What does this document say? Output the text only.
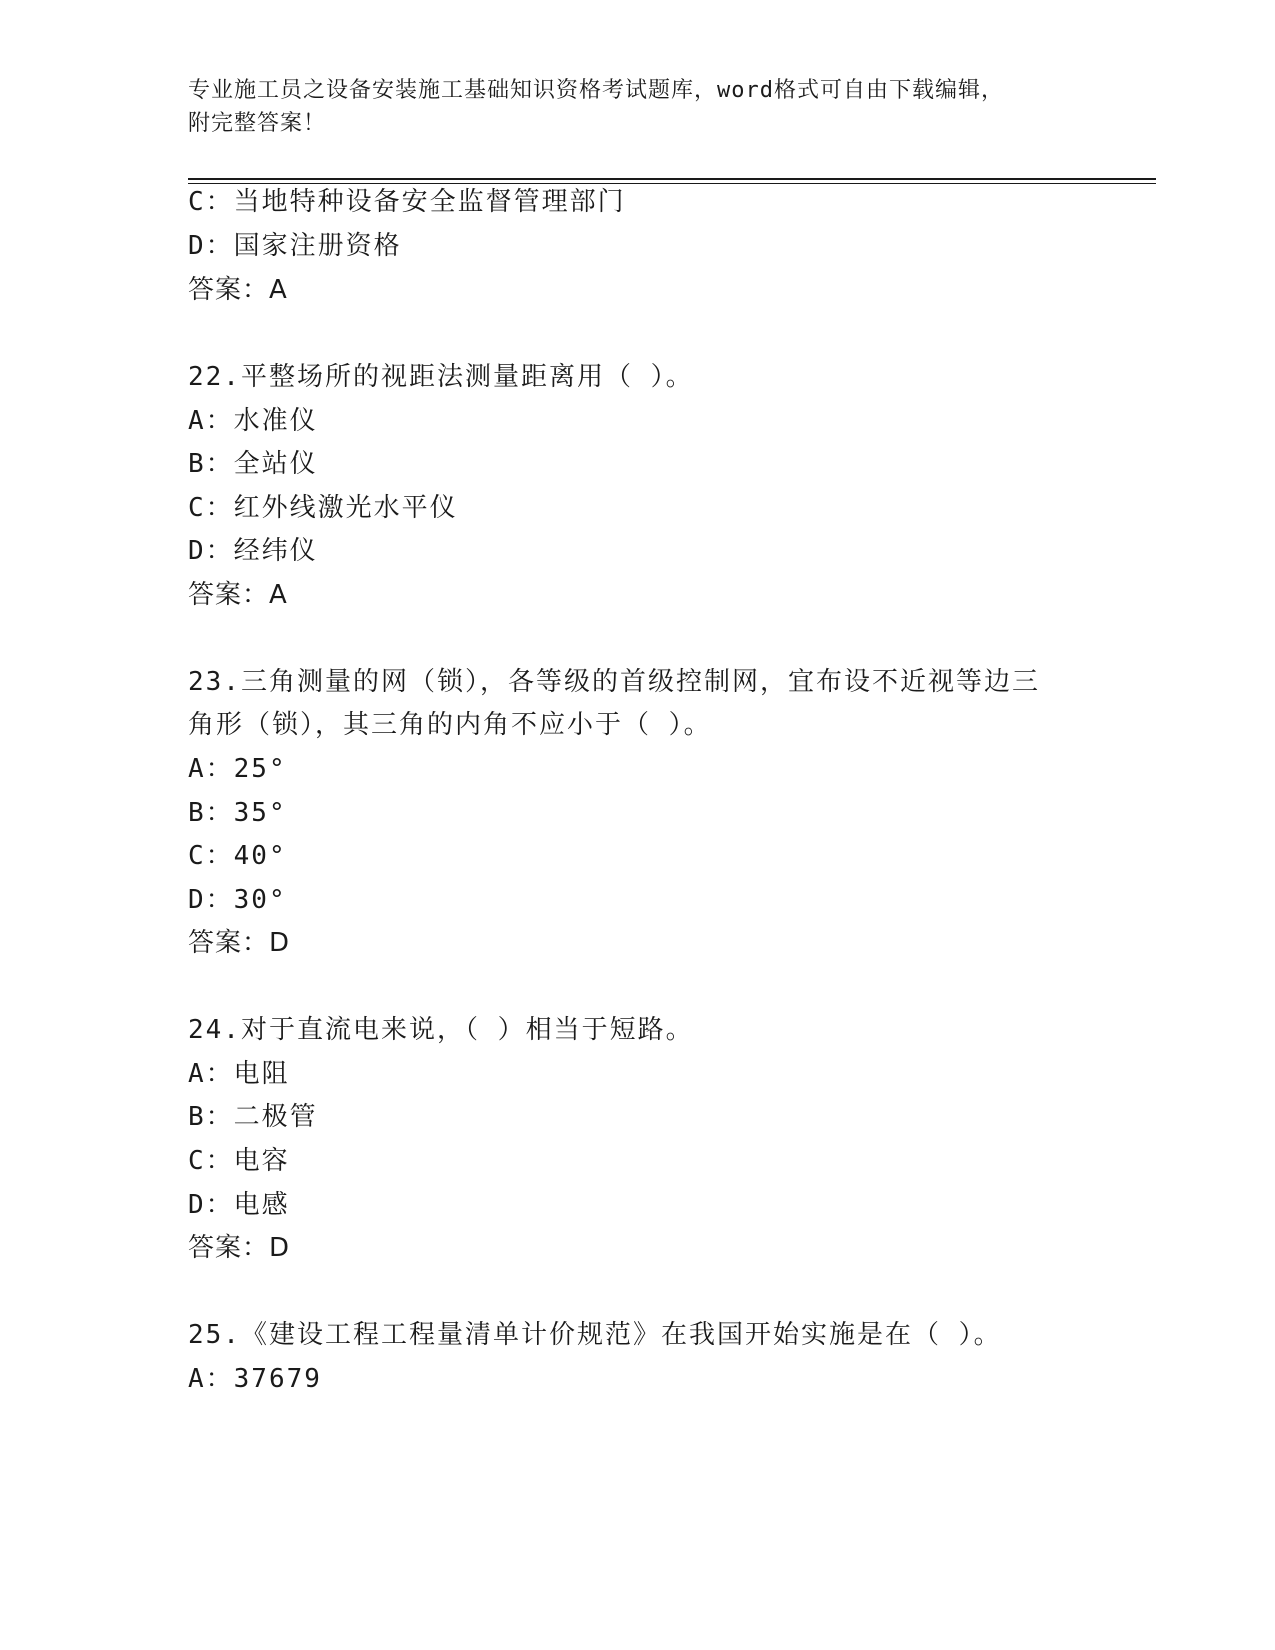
专业施工员之设备安装施工基础知识资格考试题库，word格式可自由下载编辑，
附完整答案！
C：当地特种设备安全监督管理部门
D：国家注册资格
答案：A
22.平整场所的视距法测量距离用（ ）。
A：水准仪
B：全站仪
C：红外线激光水平仪
D：经纬仪
答案：A
23.三角测量的网（锁），各等级的首级控制网，宜布设不近视等边三
角形（锁），其三角的内角不应小于（ ）。
A：25°
B：35°
C：40°
D：30°
答案：D
24.对于直流电来说，（ ）相当于短路。
A：电阻
B：二极管
C：电容
D：电感
答案：D
25.《建设工程工程量清单计价规范》在我国开始实施是在（ ）。
A：37679
